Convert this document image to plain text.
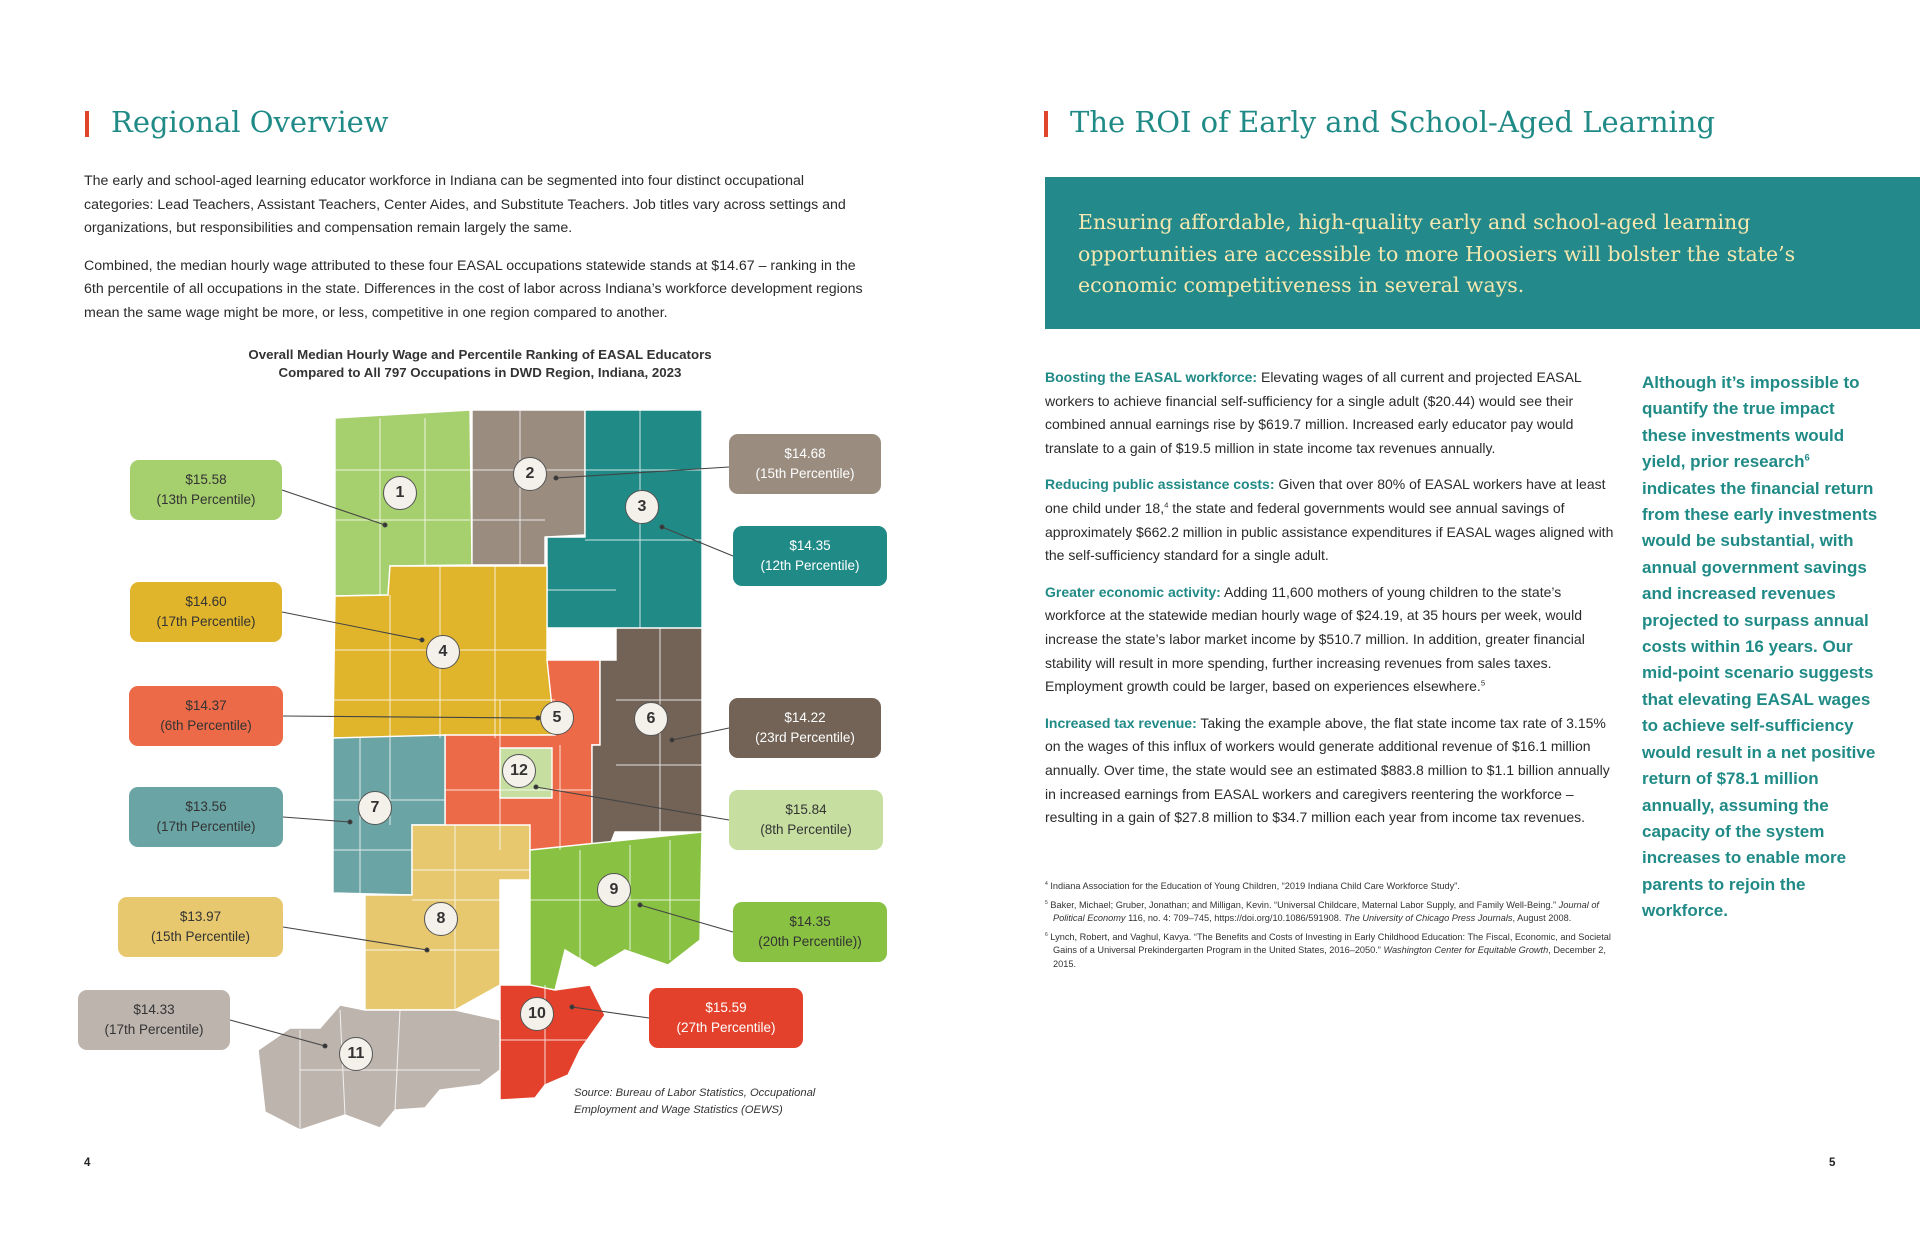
Regional Overview

The early and school-aged learning educator workforce in Indiana can be segmented into four distinct occupational categories: Lead Teachers, Assistant Teachers, Center Aides, and Substitute Teachers. Job titles vary across settings and organizations, but responsibilities and compensation remain largely the same.

Combined, the median hourly wage attributed to these four EASAL occupations statewide stands at $14.67 – ranking in the 6th percentile of all occupations in the state. Differences in the cost of labor across Indiana’s workforce development regions mean the same wage might be more, or less, competitive in one region compared to another.

Overall Median Hourly Wage and Percentile Ranking of EASAL Educators
Compared to All 797 Occupations in DWD Region, Indiana, 2023
$15.58
(13th Percentile)
$14.68
(15th Percentile)
$14.35
(12th Percentile)
$14.60
(17th Percentile)
$14.37
(6th Percentile)
$14.22
(23rd Percentile)
$13.56
(17th Percentile)
$13.97
(15th Percentile)
$14.35
(20th Percentile))
$15.59
(27th Percentile)
$14.33
(17th Percentile)
$15.84
(8th Percentile)
1
2
3
4
5	6
7
8
9
10
11
12
Source: Bureau of Labor Statistics, Occupational
Employment and Wage Statistics (OEWS)
4
The ROI of Early and School-Aged Learning

Ensuring affordable, high-quality early and school-aged learning opportunities are accessible to more Hoosiers will bolster the state’s economic competitiveness in several ways.

Boosting the EASAL workforce: Elevating wages of all current and projected EASAL workers to achieve financial self-sufficiency for a single adult ($20.44) would see their combined annual earnings rise by $619.7 million. Increased early educator pay would translate to a gain of $19.5 million in state income tax revenues annually.

Reducing public assistance costs: Given that over 80% of EASAL workers have at least one child under 18,$^4$ the state and federal governments would see annual savings of approximately $662.2 million in public assistance expenditures if EASAL wages aligned with the self-sufficiency standard for a single adult.

Greater economic activity: Adding 11,600 mothers of young children to the state’s workforce at the statewide median hourly wage of $24.19, at 35 hours per week, would increase the state’s labor market income by $510.7 million. In addition, greater financial stability will result in more spending, further increasing revenues from sales taxes. Employment growth could be larger, based on experiences elsewhere.$^5$

Increased tax revenue: Taking the example above, the flat state income tax rate of 3.15% on the wages of this influx of workers would generate additional revenue of $16.1 million annually. Over time, the state would see an estimated $883.8 million to $1.1 billion annually in increased earnings from EASAL workers and caregivers reentering the workforce – resulting in a gain of $27.8 million to $34.7 million each year from income tax revenues.

$^4$ Indiana Association for the Education of Young Children, “2019 Indiana Child Care Workforce Study”.

$^5$ Baker, Michael; Gruber, Jonathan; and Milligan, Kevin. “Universal Childcare, Maternal Labor Supply, and Family Well-Being.” Journal of Political Economy 116, no. 4: 709–745, https://doi.org/10.1086/591908. The University of Chicago Press Journals, August 2008.

$^6$ Lynch, Robert, and Vaghul, Kavya. “The Benefits and Costs of Investing in Early Childhood Education: The Fiscal, Economic, and Societal Gains of a Universal Prekindergarten Program in the United States, 2016–2050.” Washington Center for Equitable Growth, December 2, 2015.

Although it’s impossible to quantify the true impact these investments would yield, prior research$^6$ indicates the financial return from these early investments would be substantial, with annual government savings and increased revenues projected to surpass annual costs within 16 years. Our mid-point scenario suggests that elevating EASAL wages to achieve self-sufficiency would result in a net positive return of $78.1 million annually, assuming the capacity of the system increases to enable more parents to rejoin the workforce.
5
